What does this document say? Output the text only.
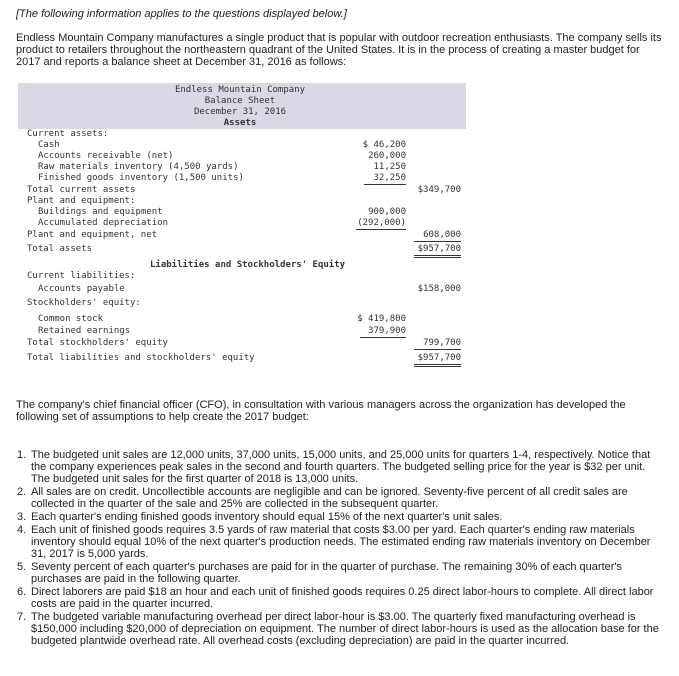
[The following information applies to the questions displayed below.]
Endless Mountain Company manufactures a single product that is popular with outdoor recreation enthusiasts. The company sells its product to retailers throughout the northeastern quadrant of the United States. It is in the process of creating a master budget for 2017 and reports a balance sheet at December 31, 2016 as follows:
Endless Mountain Company
Balance Sheet
December 31, 2016
Assets
Current assets:
Cash	$ 46,200
Accounts receivable (net)	260,000
Raw materials inventory (4,500 yards)	11,250
Finished goods inventory (1,500 units)	32,250
Total current assets	$349,700
Plant and equipment:
Buildings and equipment	900,000
Accumulated depreciation	(292,000)
Plant and equipment, net	608,000
Total assets	$957,700
Liabilities and Stockholders' Equity
Current liabilities:
Accounts payable	$158,000
Stockholders' equity:
Common stock	$ 419,800
Retained earnings	379,900
Total stockholders' equity	799,700
Total liabilities and stockholders' equity	$957,700
The company's chief financial officer (CFO), in consultation with various managers across the organization has developed the following set of assumptions to help create the 2017 budget:
1. The budgeted unit sales are 12,000 units, 37,000 units, 15,000 units, and 25,000 units for quarters 1-4, respectively. Notice that the company experiences peak sales in the second and fourth quarters. The budgeted selling price for the year is $32 per unit. The budgeted unit sales for the first quarter of 2018 is 13,000 units.
2. All sales are on credit. Uncollectible accounts are negligible and can be ignored. Seventy-five percent of all credit sales are collected in the quarter of the sale and 25% are collected in the subsequent quarter.
3. Each quarter's ending finished goods inventory should equal 15% of the next quarter's unit sales.
4. Each unit of finished goods requires 3.5 yards of raw material that costs $3.00 per yard. Each quarter's ending raw materials inventory should equal 10% of the next quarter's production needs. The estimated ending raw materials inventory on December 31, 2017 is 5,000 yards.
5. Seventy percent of each quarter's purchases are paid for in the quarter of purchase. The remaining 30% of each quarter's purchases are paid in the following quarter.
6. Direct laborers are paid $18 an hour and each unit of finished goods requires 0.25 direct labor-hours to complete. All direct labor costs are paid in the quarter incurred.
7. The budgeted variable manufacturing overhead per direct labor-hour is $3.00. The quarterly fixed manufacturing overhead is $150,000 including $20,000 of depreciation on equipment. The number of direct labor-hours is used as the allocation base for the budgeted plantwide overhead rate. All overhead costs (excluding depreciation) are paid in the quarter incurred.
